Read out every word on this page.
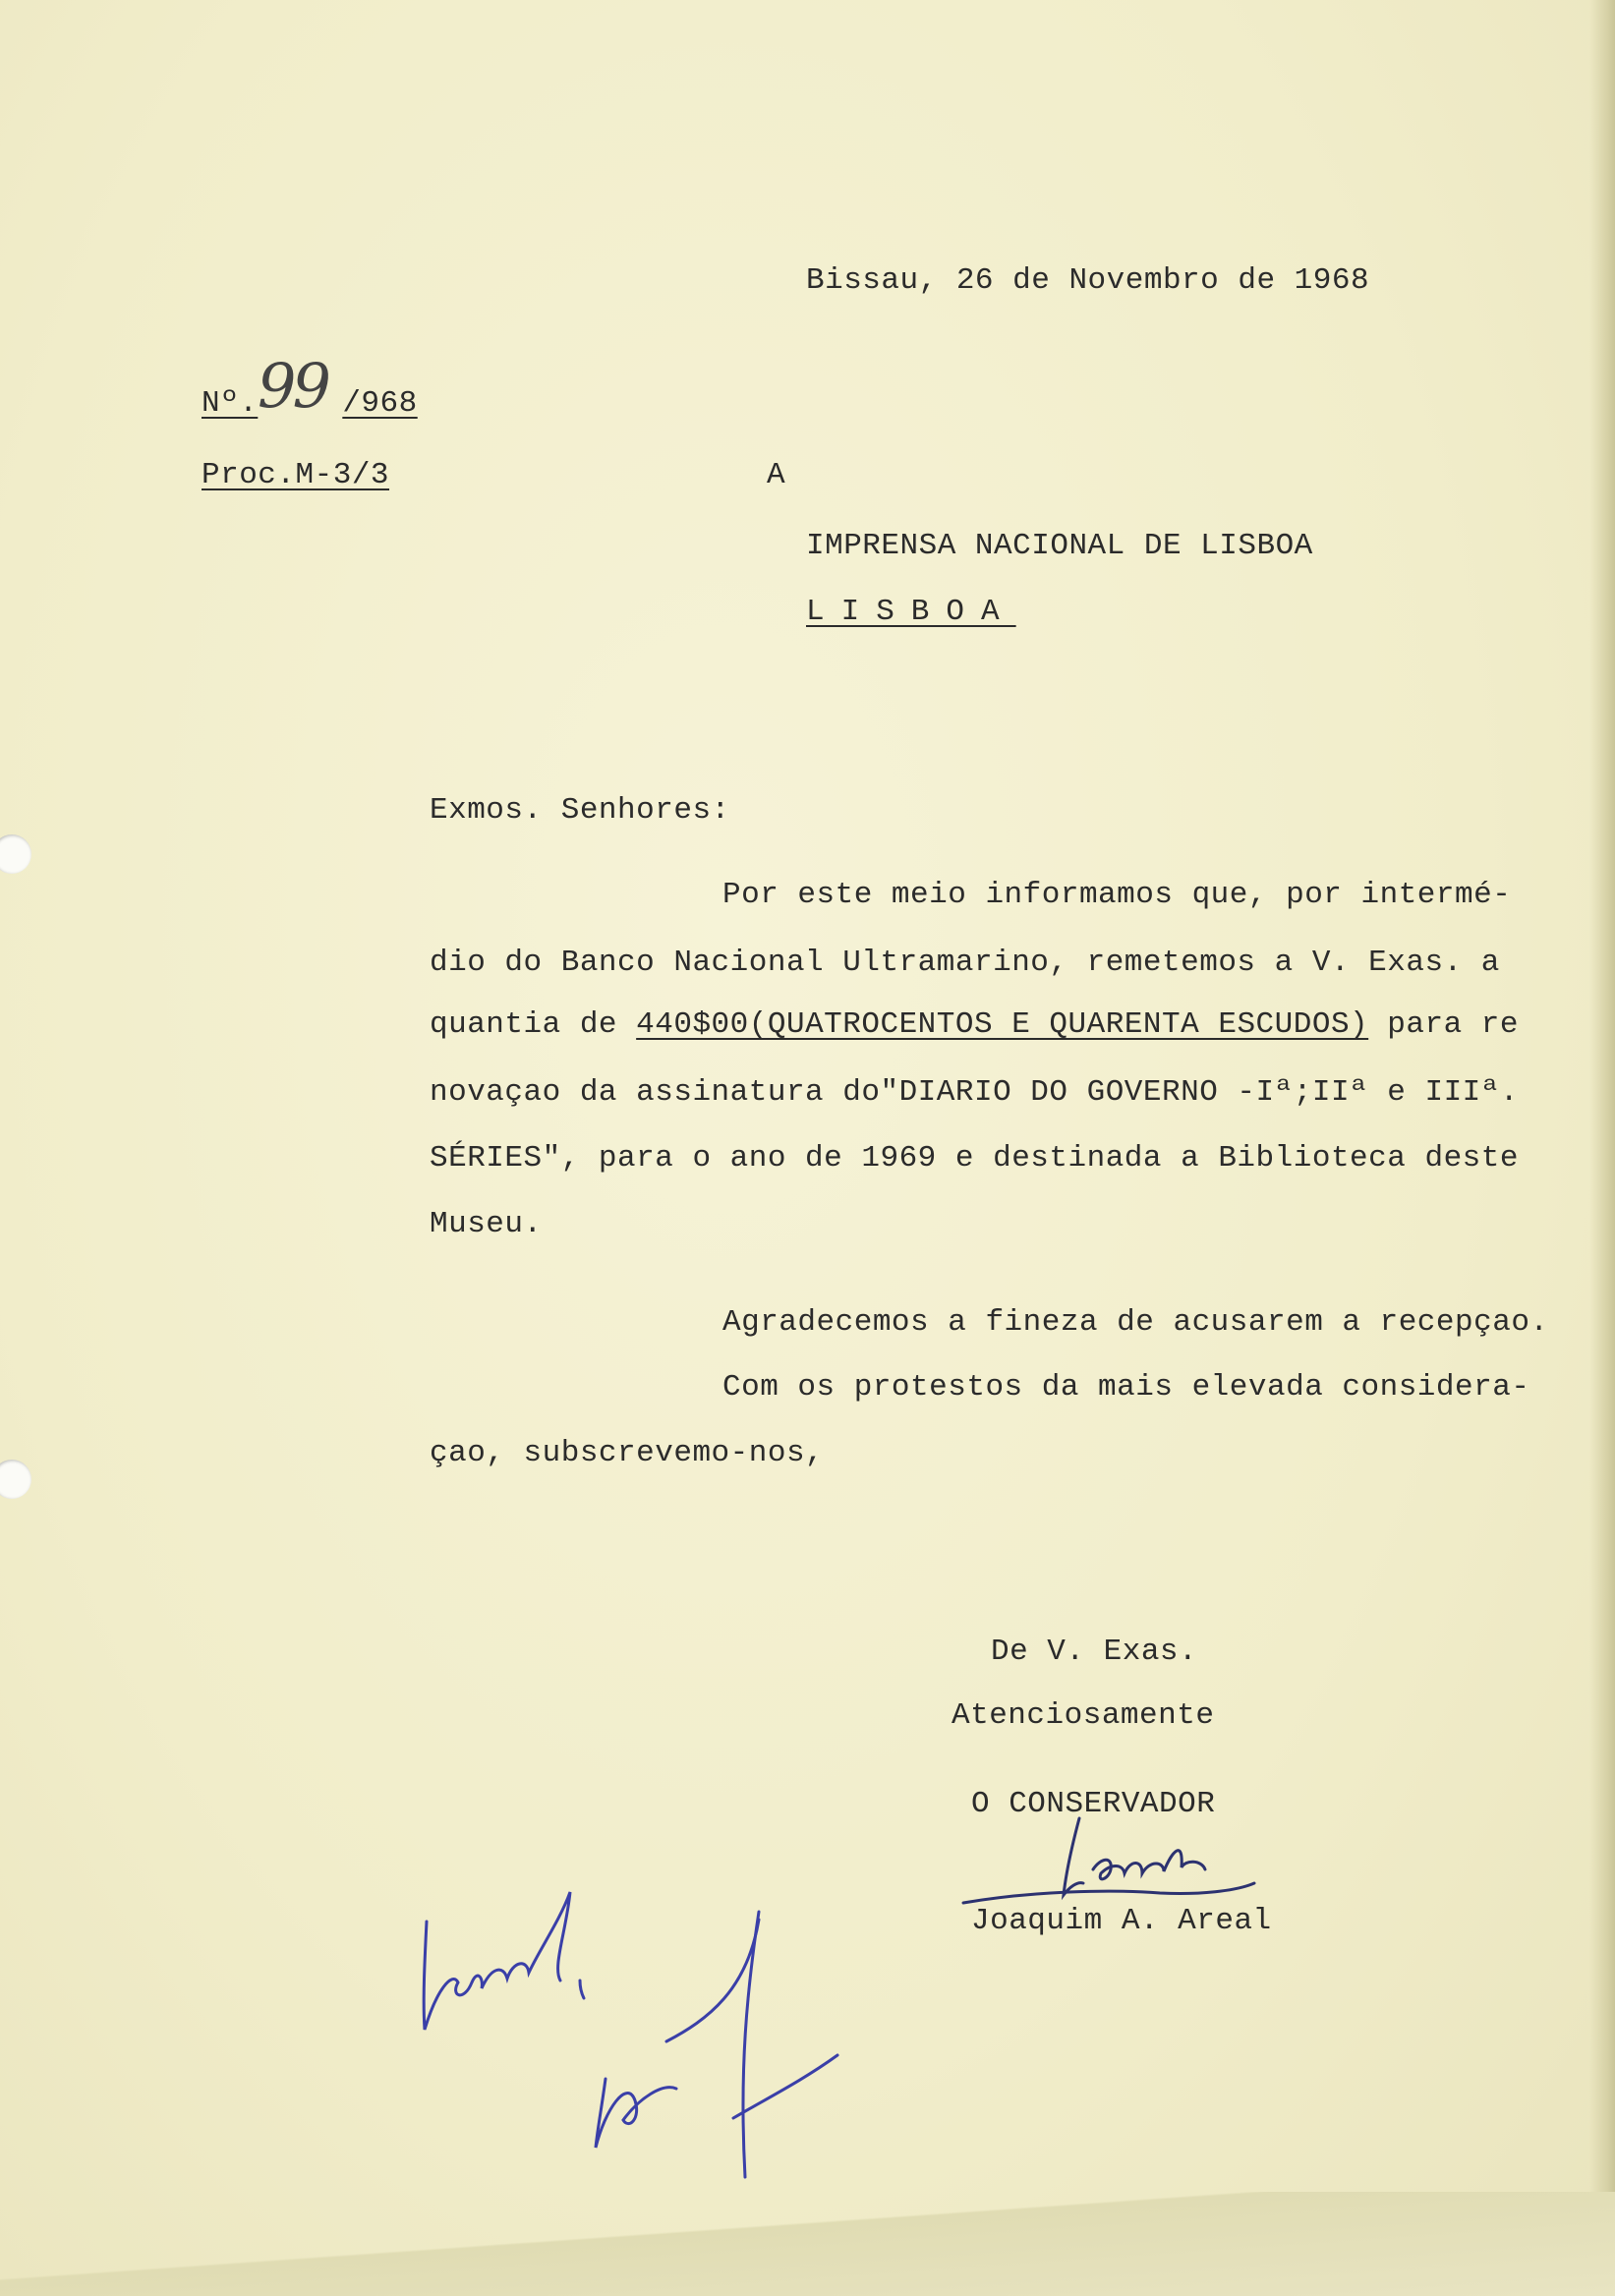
Bissau, 26 de Novembro de 1968
Nº.	/968
99
Proc.M-3/3	A
IMPRENSA NACIONAL DE LISBOA
LISBOA
Exmos. Senhores:
Por este meio informamos que, por intermé-
dio do Banco Nacional Ultramarino, remetemos a V. Exas. a
quantia de 440$00(QUATROCENTOS E QUARENTA ESCUDOS) para re
novaçao da assinatura do"DIARIO DO GOVERNO -Iª;IIª e IIIª.
SÉRIES", para o ano de 1969 e destinada a Biblioteca deste
Museu.
Agradecemos a fineza de acusarem a recepçao.
Com os protestos da mais elevada considera-
çao, subscrevemo-nos,
De V. Exas.
Atenciosamente
O CONSERVADOR
Joaquim A. Areal
